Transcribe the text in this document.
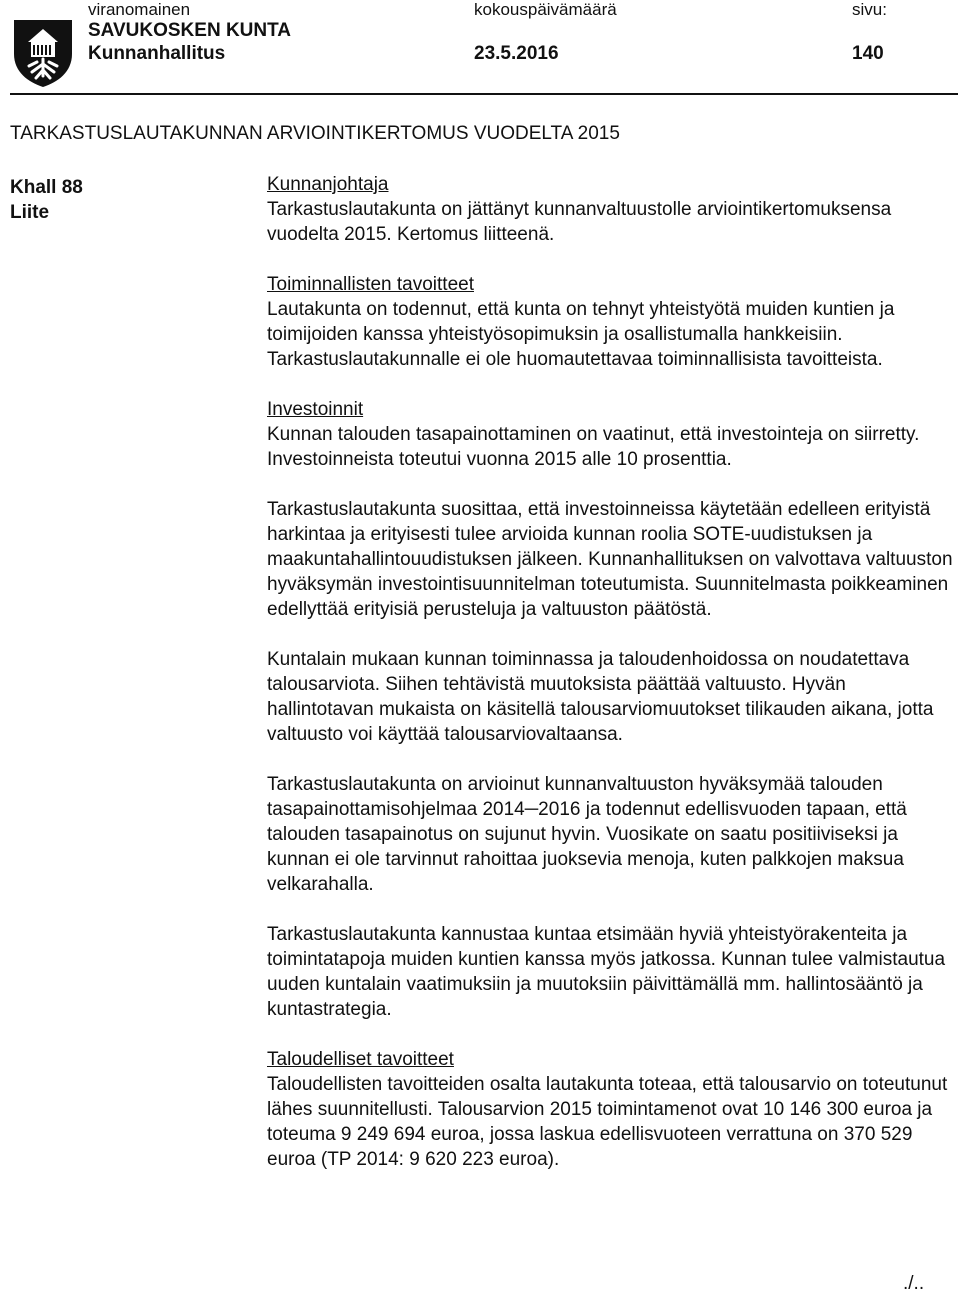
viranomainen	kokouspäivämäärä	sivu:
SAVUKOSKEN KUNTA
Kunnanhallitus	23.5.2016	140
TARKASTUSLAUTAKUNNAN ARVIOINTIKERTOMUS VUODELTA 2015
Khall 88
Liite

Kunnanjohtaja
Tarkastuslautakunta on jättänyt kunnanvaltuustolle arviointikertomuksensa vuodelta 2015. Kertomus liitteenä.

Toiminnallisten tavoitteet
Lautakunta on todennut, että kunta on tehnyt yhteistyötä muiden kuntien ja toimijoiden kanssa yhteistyösopimuksin ja osallistumalla hankkeisiin. Tarkastuslautakunnalle ei ole huomautettavaa toiminnallisista tavoitteista.

Investoinnit
Kunnan talouden tasapainottaminen on vaatinut, että investointeja on siirretty. Investoinneista toteutui vuonna 2015 alle 10 prosenttia.

Tarkastuslautakunta suosittaa, että investoinneissa käytetään edelleen erityistä harkintaa ja erityisesti tulee arvioida kunnan roolia SOTE-uudistuksen ja maakuntahallintouudistuksen jälkeen. Kunnanhallituksen on valvottava valtuuston hyväksymän investointisuunnitelman toteutumista. Suunnitelmasta poikkeaminen edellyttää erityisiä perusteluja ja valtuuston päätöstä.

Kuntalain mukaan kunnan toiminnassa ja taloudenhoidossa on noudatettava talousarviota. Siihen tehtävistä muutoksista päättää valtuusto. Hyvän hallintotavan mukaista on käsitellä talousarviomuutokset tilikauden aikana, jotta valtuusto voi käyttää talousarviovaltaansa.

Tarkastuslautakunta on arvioinut kunnanvaltuuston hyväksymää talouden tasapainottamisohjelmaa 2014─2016 ja todennut edellisvuoden tapaan, että talouden tasapainotus on sujunut hyvin. Vuosikate on saatu positiiviseksi ja kunnan ei ole tarvinnut rahoittaa juoksevia menoja, kuten palkkojen maksua velkarahalla.

Tarkastuslautakunta kannustaa kuntaa etsimään hyviä yhteistyörakenteita ja toimintatapoja muiden kuntien kanssa myös jatkossa. Kunnan tulee valmistautua uuden kuntalain vaatimuksiin ja muutoksiin päivittämällä mm. hallintosääntö ja kuntastrategia.

Taloudelliset tavoitteet
Taloudellisten tavoitteiden osalta lautakunta toteaa, että talousarvio on toteutunut lähes suunnitellusti. Talousarvion 2015 toimintamenot ovat 10 146 300 euroa ja toteuma 9 249 694 euroa, jossa laskua edellisvuoteen verrattuna on 370 529 euroa (TP 2014: 9 620 223 euroa).

./..
